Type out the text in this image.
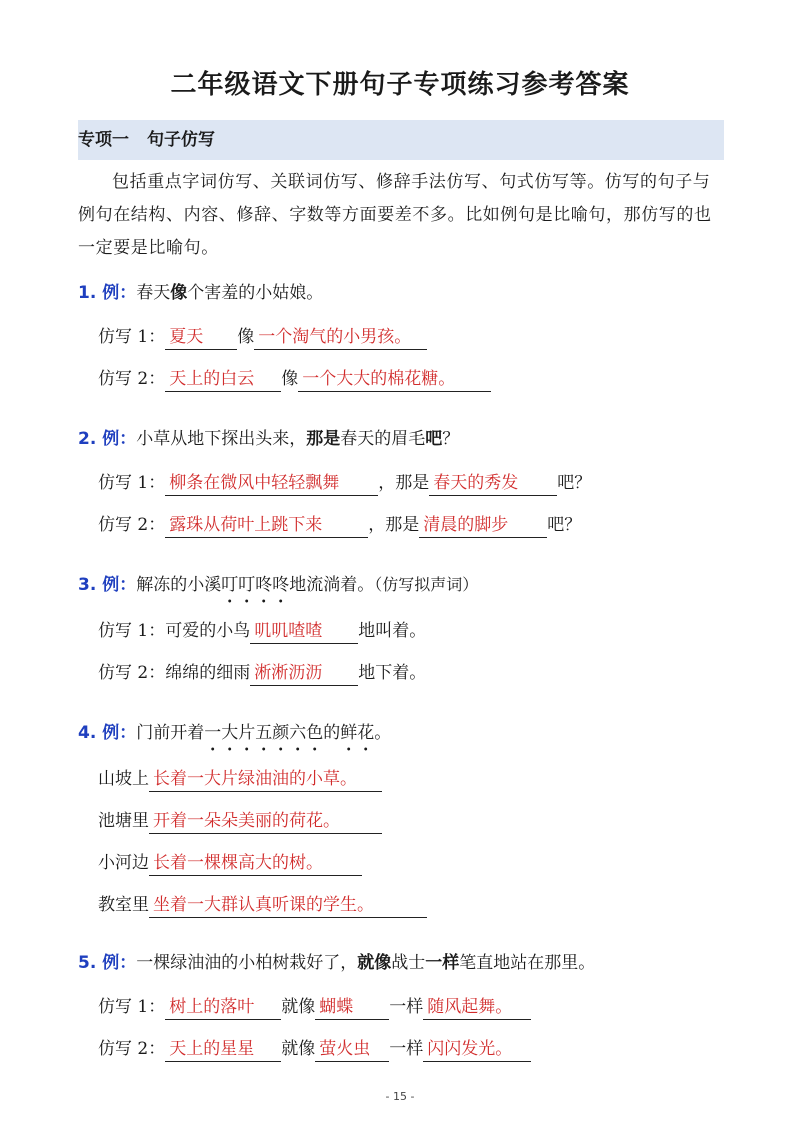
二年级语文下册句子专项练习参考答案
专项一 句子仿写
包括重点字词仿写、关联词仿写、修辞手法仿写、句式仿写等。仿写的句子与例句在结构、内容、修辞、字数等方面要差不多。比如例句是比喻句，那仿写的也一定要是比喻句。
1. 例：春天像个害羞的小姑娘。
仿写 1： 夏天 像 一个淘气的小男孩。
仿写 2： 天上的白云 像 一个大大的棉花糖。
2. 例：小草从地下探出头来，那是春天的眉毛吧？
仿写 1： 柳条在微风中轻轻飘舞 ，那是 春天的秀发 吧？
仿写 2： 露珠从荷叶上跳下来	，那是 清晨的脚步 吧？
3. 例：解冻的小溪叮叮咚咚地流淌着。（仿写拟声词）
仿写 1：可爱的小鸟 叽叽喳喳 地叫着。
仿写 2：绵绵的细雨 淅淅沥沥 地下着。
4. 例：门前开着一大片五颜六色的鲜花。
山坡上 长着一大片绿油油的小草。
池塘里 开着一朵朵美丽的荷花。
小河边 长着一棵棵高大的树。
教室里 坐着一大群认真听课的学生。
5. 例：一棵绿油油的小柏树栽好了，就像战士一样笔直地站在那里。
仿写 1： 树上的落叶 就像 蝴蝶 一样 随风起舞。
仿写 2： 天上的星星 就像 萤火虫 一样 闪闪发光。
- 15 -
